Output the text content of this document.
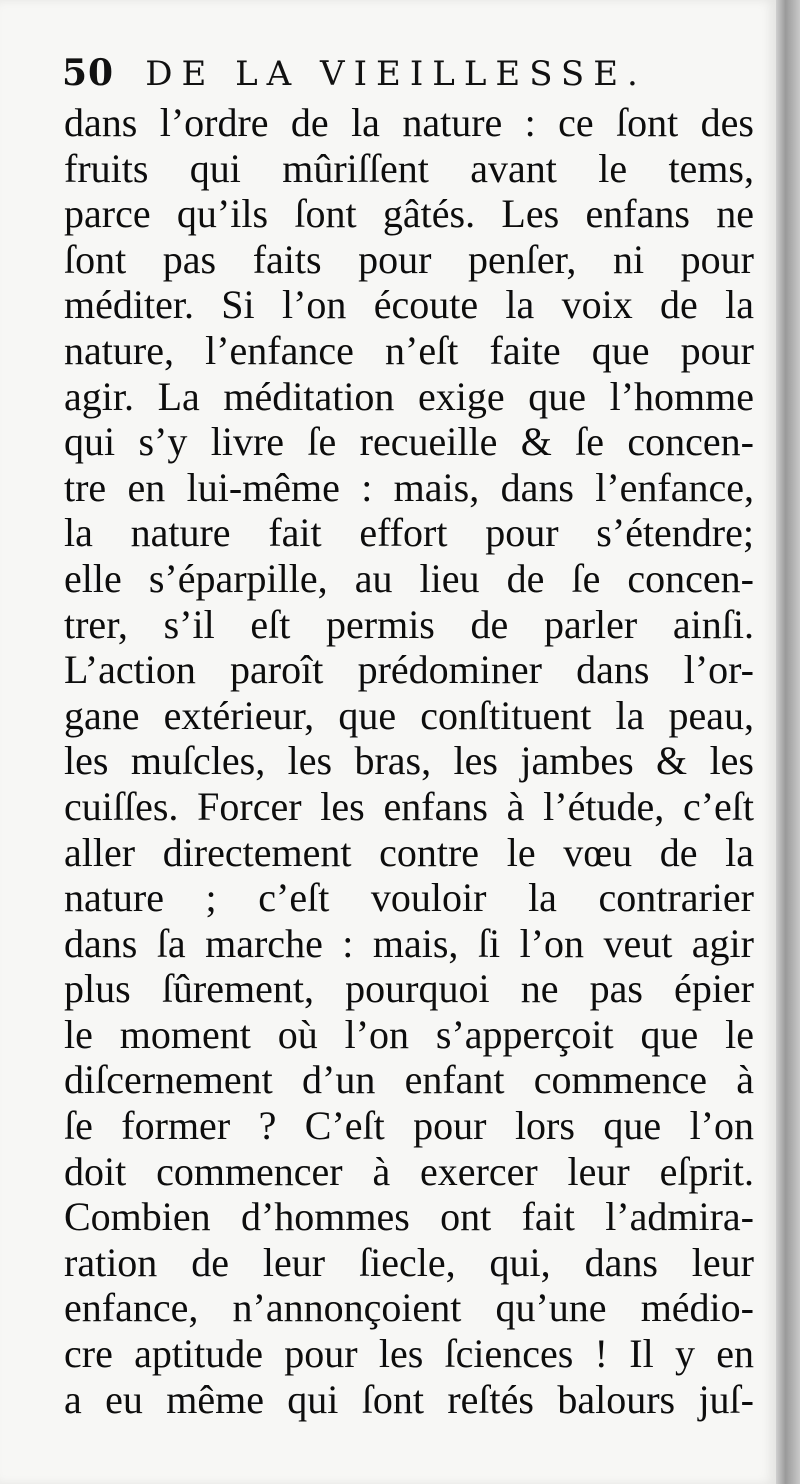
50 DE LA VIEILLESSE.
dans l’ordre de la nature : ce ſont des
fruits qui mûriſſent avant le tems,
parce qu’ils ſont gâtés. Les enfans ne
ſont pas faits pour penſer, ni pour
méditer. Si l’on écoute la voix de la
nature, l’enfance n’eſt faite que pour
agir. La méditation exige que l’homme
qui s’y livre ſe recueille & ſe concen-
tre en lui-même : mais, dans l’enfance,
la nature fait effort pour s’étendre;
elle s’éparpille, au lieu de ſe concen-
trer, s’il eſt permis de parler ainſi.
L’action paroît prédominer dans l’or-
gane extérieur, que conſtituent la peau,
les muſcles, les bras, les jambes & les
cuiſſes. Forcer les enfans à l’étude, c’eſt
aller directement contre le vœu de la
nature ; c’eſt vouloir la contrarier
dans ſa marche : mais, ſi l’on veut agir
plus ſûrement, pourquoi ne pas épier
le moment où l’on s’apperçoit que le
diſcernement d’un enfant commence à
ſe former ? C’eſt pour lors que l’on
doit commencer à exercer leur eſprit.
Combien d’hommes ont fait l’admira-
ration de leur ſiecle, qui, dans leur
enfance, n’annonçoient qu’une médio-
cre aptitude pour les ſciences ! Il y en
a eu même qui ſont reſtés balours juſ-
